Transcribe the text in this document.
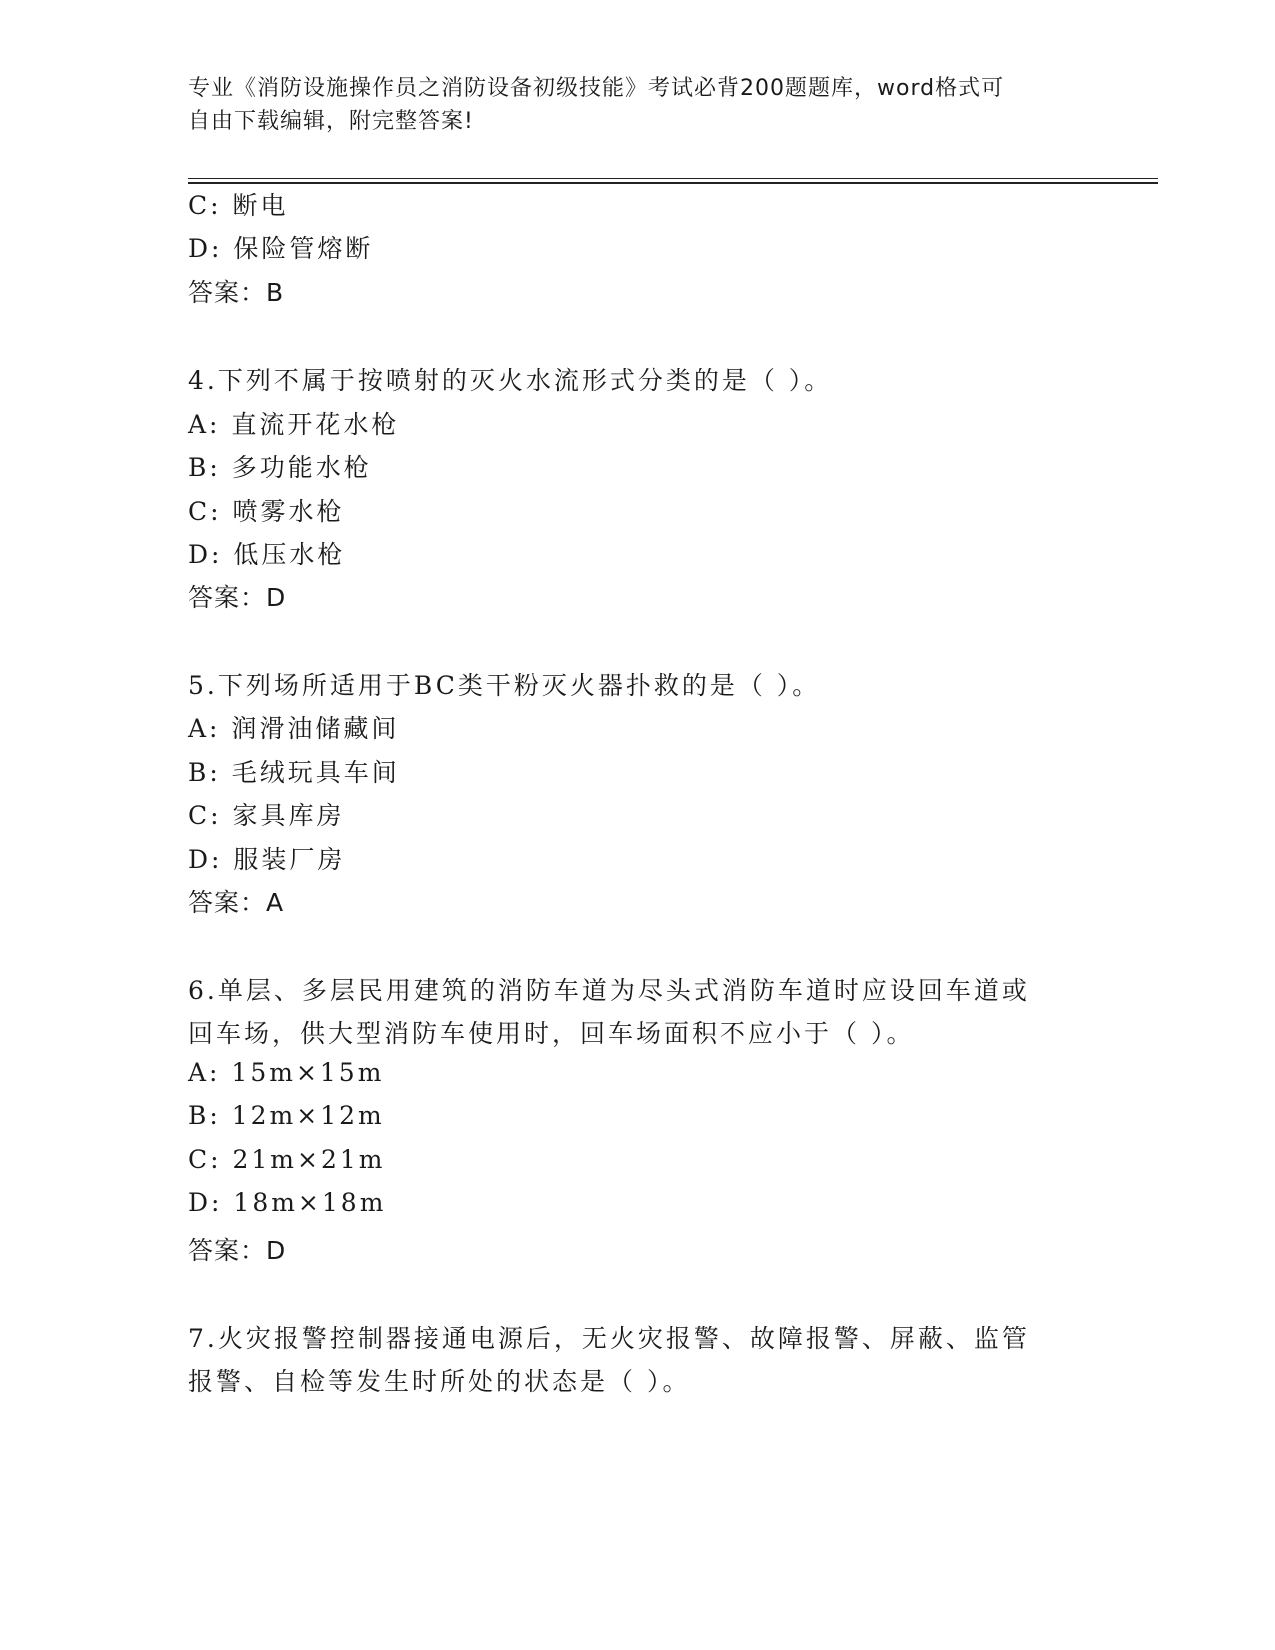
专业《消防设施操作员之消防设备初级技能》考试必背200题题库，word格式可
自由下载编辑，附完整答案!
C: 断电
D: 保险管熔断
答案：B
4.下列不属于按喷射的灭火水流形式分类的是（ ）。
A: 直流开花水枪
B: 多功能水枪
C: 喷雾水枪
D: 低压水枪
答案：D
5.下列场所适用于BC类干粉灭火器扑救的是（ ）。
A: 润滑油储藏间
B: 毛绒玩具车间
C: 家具库房
D: 服装厂房
答案：A
6.单层、多层民用建筑的消防车道为尽头式消防车道时应设回车道或
回车场，供大型消防车使用时，回车场面积不应小于（ ）。
A: 15m×15m
B: 12m×12m
C: 21m×21m
D: 18m×18m
答案：D
7.火灾报警控制器接通电源后，无火灾报警、故障报警、屏蔽、监管
报警、自检等发生时所处的状态是（ ）。
